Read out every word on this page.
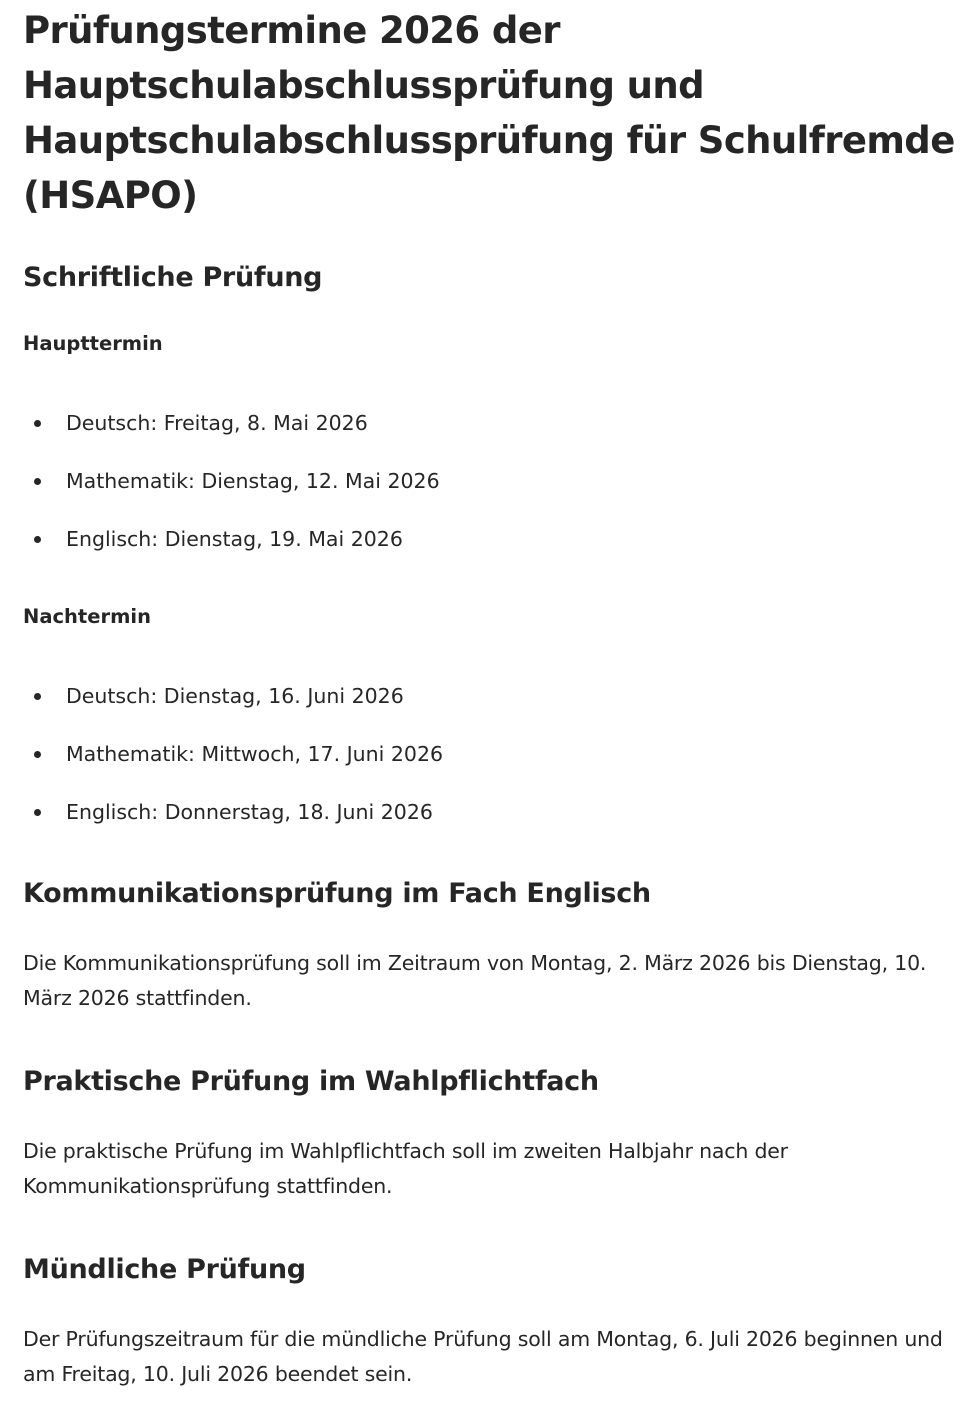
Prüfungstermine 2026 der Hauptschulabschlussprüfung und Hauptschulabschlussprüfung für Schulfremde (HSAPO)
Schriftliche Prüfung
Haupttermin
Deutsch: Freitag, 8. Mai 2026
Mathematik: Dienstag, 12. Mai 2026
Englisch: Dienstag, 19. Mai 2026
Nachtermin
Deutsch: Dienstag, 16. Juni 2026
Mathematik: Mittwoch, 17. Juni 2026
Englisch: Donnerstag, 18. Juni 2026
Kommunikationsprüfung im Fach Englisch

Die Kommunikationsprüfung soll im Zeitraum von Montag, 2. März 2026 bis Dienstag, 10. März 2026 stattfinden.

Praktische Prüfung im Wahlpflichtfach

Die praktische Prüfung im Wahlpflichtfach soll im zweiten Halbjahr nach der Kommunikationsprüfung stattfinden.

Mündliche Prüfung

Der Prüfungszeitraum für die mündliche Prüfung soll am Montag, 6. Juli 2026 beginnen und am Freitag, 10. Juli 2026 beendet sein.
